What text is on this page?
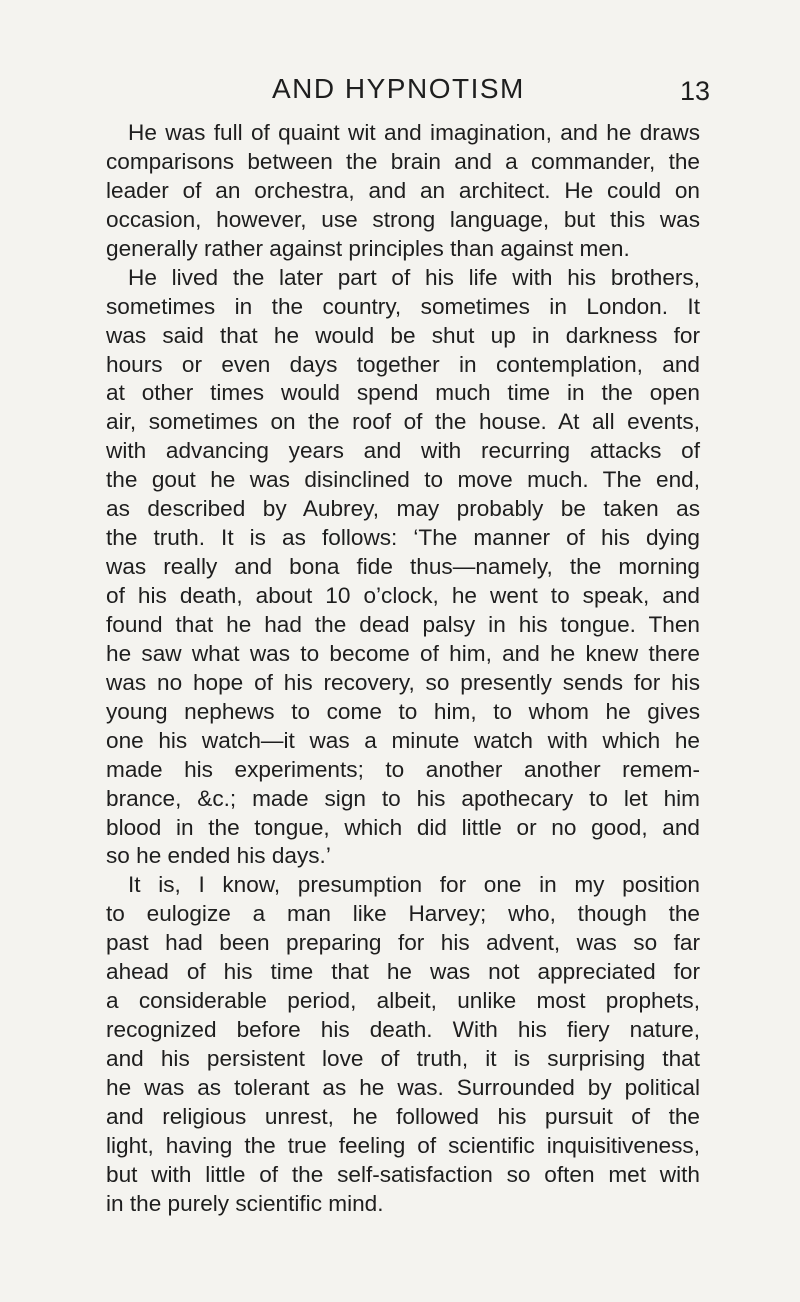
AND HYPNOTISM	13
He was full of quaint wit and imagination, and he draws
comparisons between the brain and a commander, the
leader of an orchestra, and an architect. He could on
occasion, however, use strong language, but this was
generally rather against principles than against men.
He lived the later part of his life with his brothers,
sometimes in the country, sometimes in London. It
was said that he would be shut up in darkness for
hours or even days together in contemplation, and
at other times would spend much time in the open
air, sometimes on the roof of the house. At all events,
with advancing years and with recurring attacks of
the gout he was disinclined to move much. The end,
as described by Aubrey, may probably be taken as
the truth. It is as follows: ‘The manner of his dying
was really and bona fide thus—namely, the morning
of his death, about 10 o’clock, he went to speak, and
found that he had the dead palsy in his tongue. Then
he saw what was to become of him, and he knew there
was no hope of his recovery, so presently sends for his
young nephews to come to him, to whom he gives
one his watch—it was a minute watch with which he
made his experiments; to another another remem-
brance, &c.; made sign to his apothecary to let him
blood in the tongue, which did little or no good, and
so he ended his days.’
It is, I know, presumption for one in my position
to eulogize a man like Harvey; who, though the
past had been preparing for his advent, was so far
ahead of his time that he was not appreciated for
a considerable period, albeit, unlike most prophets,
recognized before his death. With his fiery nature,
and his persistent love of truth, it is surprising that
he was as tolerant as he was. Surrounded by political
and religious unrest, he followed his pursuit of the
light, having the true feeling of scientific inquisitiveness,
but with little of the self-satisfaction so often met with
in the purely scientific mind.
